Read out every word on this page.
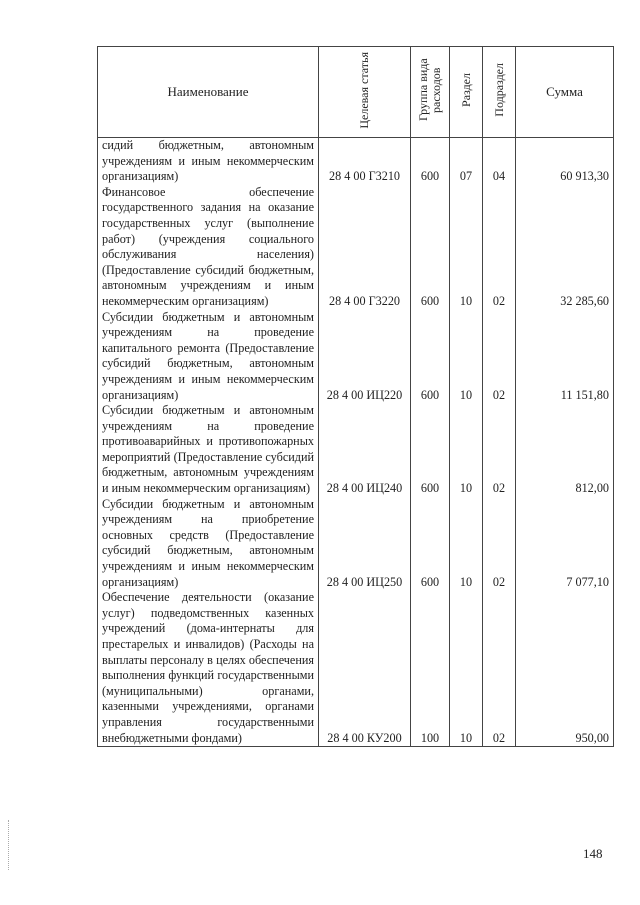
Наименование	Целевая статья	Группа вида расходов	Раздел	Подраздел	Сумма
сидий бюджетным, автономным учреждениям и иным некоммерческим организациям)	28 4 00 Г3210	600	07	04	60 913,30
Финансовое обеспечение государственного задания на оказание государственных услуг (выполнение работ) (учреждения социального обслуживания населения) (Предоставление субсидий бюджетным, автономным учреждениям и иным некоммерческим организациям)	28 4 00 Г3220	600	10	02	32 285,60
Субсидии бюджетным и автономным учреждениям на проведение капитального ремонта (Предоставление субсидий бюджетным, автономным учреждениям и иным некоммерческим организациям)	28 4 00 ИЦ220	600	10	02	11 151,80
Субсидии бюджетным и автономным учреждениям на проведение противоаварийных и противопожарных мероприятий (Предоставление субсидий бюджетным, автономным учреждениям и иным некоммерческим организациям)	28 4 00 ИЦ240	600	10	02	812,00
Субсидии бюджетным и автономным учреждениям на приобретение основных средств (Предоставление субсидий бюджетным, автономным учреждениям и иным некоммерческим организациям)	28 4 00 ИЦ250	600	10	02	7 077,10
Обеспечение деятельности (оказание услуг) подведомственных казенных учреждений (дома-интернаты для престарелых и инвалидов) (Расходы на выплаты персоналу в целях обеспечения выполнения функций государственными (муниципальными) органами, казенными учреждениями, органами управления государственными внебюджетными фондами)	28 4 00 КУ200	100	10	02	950,00
148
